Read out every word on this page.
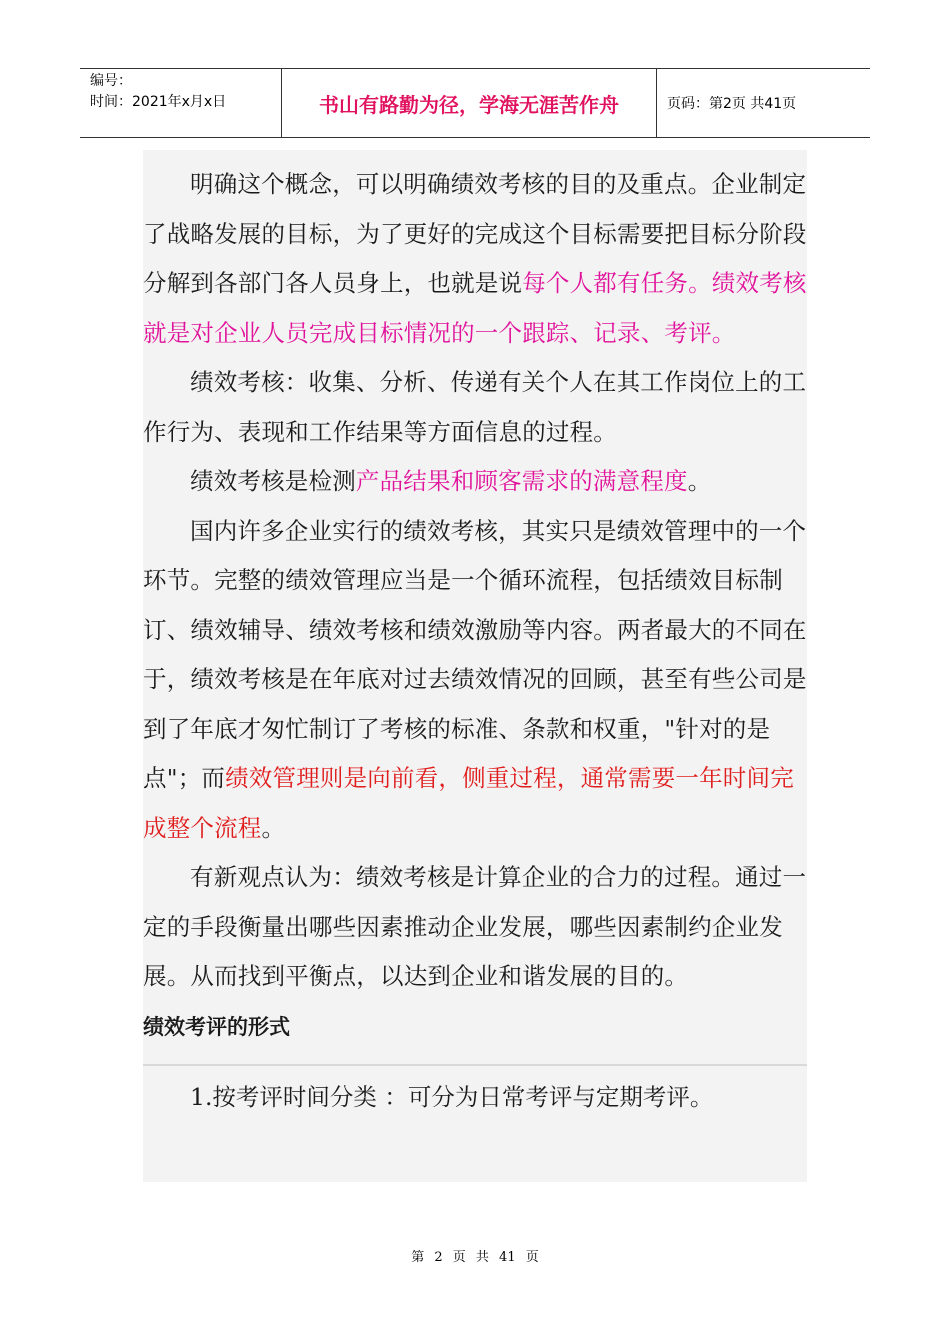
编号：
时间：2021年x月x日	书山有路勤为径，学海无涯苦作舟	页码：第2页 共41页

明确这个概念，可以明确绩效考核的目的及重点。企业制定了战略发展的目标，为了更好的完成这个目标需要把目标分阶段分解到各部门各人员身上，也就是说每个人都有任务。绩效考核就是对企业人员完成目标情况的一个跟踪、记录、考评。

绩效考核：收集、分析、传递有关个人在其工作岗位上的工作行为、表现和工作结果等方面信息的过程。

绩效考核是检测产品结果和顾客需求的满意程度。

国内许多企业实行的绩效考核，其实只是绩效管理中的一个环节。完整的绩效管理应当是一个循环流程，包括绩效目标制订、绩效辅导、绩效考核和绩效激励等内容。两者最大的不同在于，绩效考核是在年底对过去绩效情况的回顾，甚至有些公司是到了年底才匆忙制订了考核的标准、条款和权重，"针对的是点"；而绩效管理则是向前看，侧重过程，通常需要一年时间完成整个流程。

有新观点认为：绩效考核是计算企业的合力的过程。通过一定的手段衡量出哪些因素推动企业发展，哪些因素制约企业发展。从而找到平衡点，以达到企业和谐发展的目的。

绩效考评的形式

1.按考评时间分类 ：可分为日常考评与定期考评。

第 2 页 共 41 页
